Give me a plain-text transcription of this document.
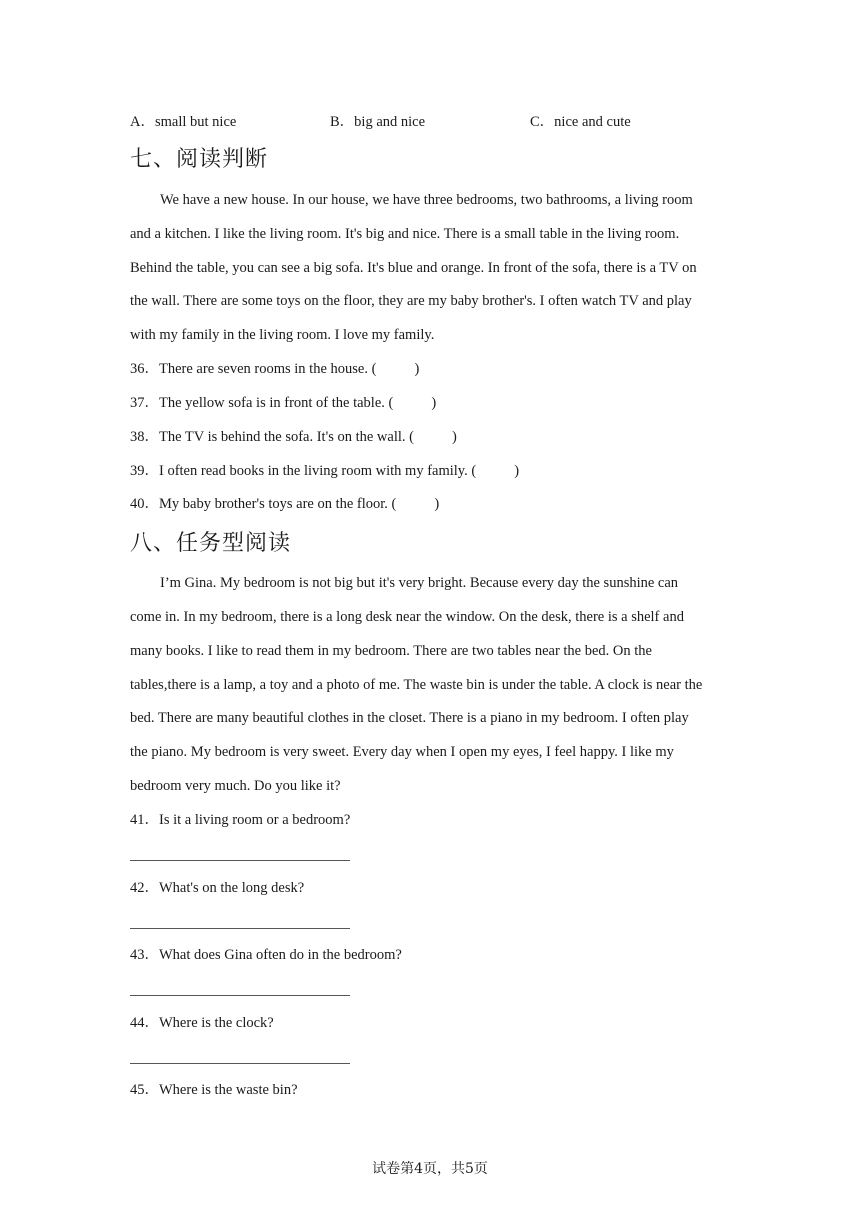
A．small but nice	B．big and nice	C．nice and cute
七、阅读判断
We have a new house. In our house, we have three bedrooms, two bathrooms, a living room
and a kitchen. I like the living room. It's big and nice. There is a small table in the living room.
Behind the table, you can see a big sofa. It's blue and orange. In front of the sofa, there is a TV on
the wall. There are some toys on the floor, they are my baby brother's. I often watch TV and play
with my family in the living room. I love my family.
36．There are seven rooms in the house. (	)
37．The yellow sofa is in front of the table. (	)
38．The TV is behind the sofa. It's on the wall. (	)
39．I often read books in the living room with my family. (	)
40．My baby brother's toys are on the floor. (	)
八、任务型阅读
I’m Gina. My bedroom is not big but it's very bright. Because every day the sunshine can
come in. In my bedroom, there is a long desk near the window. On the desk, there is a shelf and
many books. I like to read them in my bedroom. There are two tables near the bed. On the
tables,there is a lamp, a toy and a photo of me. The waste bin is under the table. A clock is near the
bed. There are many beautiful clothes in the closet. There is a piano in my bedroom. I often play
the piano. My bedroom is very sweet. Every day when I open my eyes, I feel happy. I like my
bedroom very much. Do you like it?
41．Is it a living room or a bedroom?
42．What's on the long desk?
43．What does Gina often do in the bedroom?
44．Where is the clock?
45．Where is the waste bin?
试卷第4页，共5页
